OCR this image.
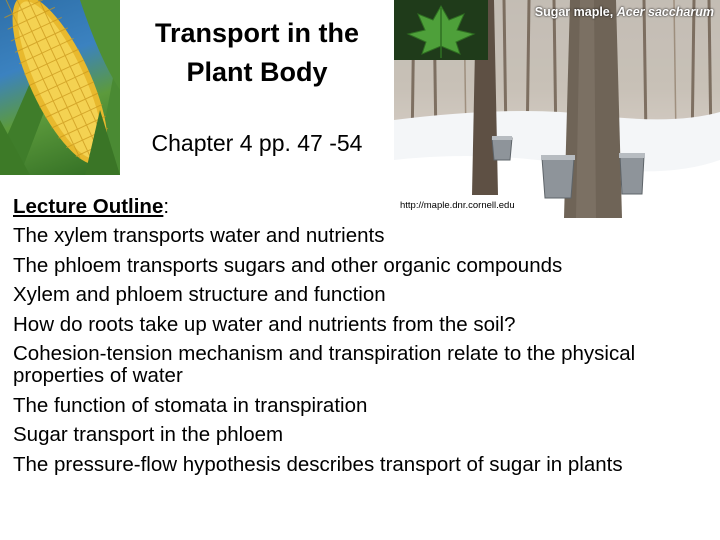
Transport in the Plant Body
Chapter 4 pp. 47 -54
Sugar maple, Acer saccharum
http://maple.dnr.cornell.edu
Lecture Outline:
The xylem transports water and nutrients
The phloem transports sugars and other organic compounds
Xylem and phloem structure and function
How do roots take up water and nutrients from the soil?
Cohesion-tension mechanism and transpiration relate to the physical properties of water
The function of stomata in transpiration
Sugar transport in the phloem
The pressure-flow hypothesis describes transport of sugar in plants
